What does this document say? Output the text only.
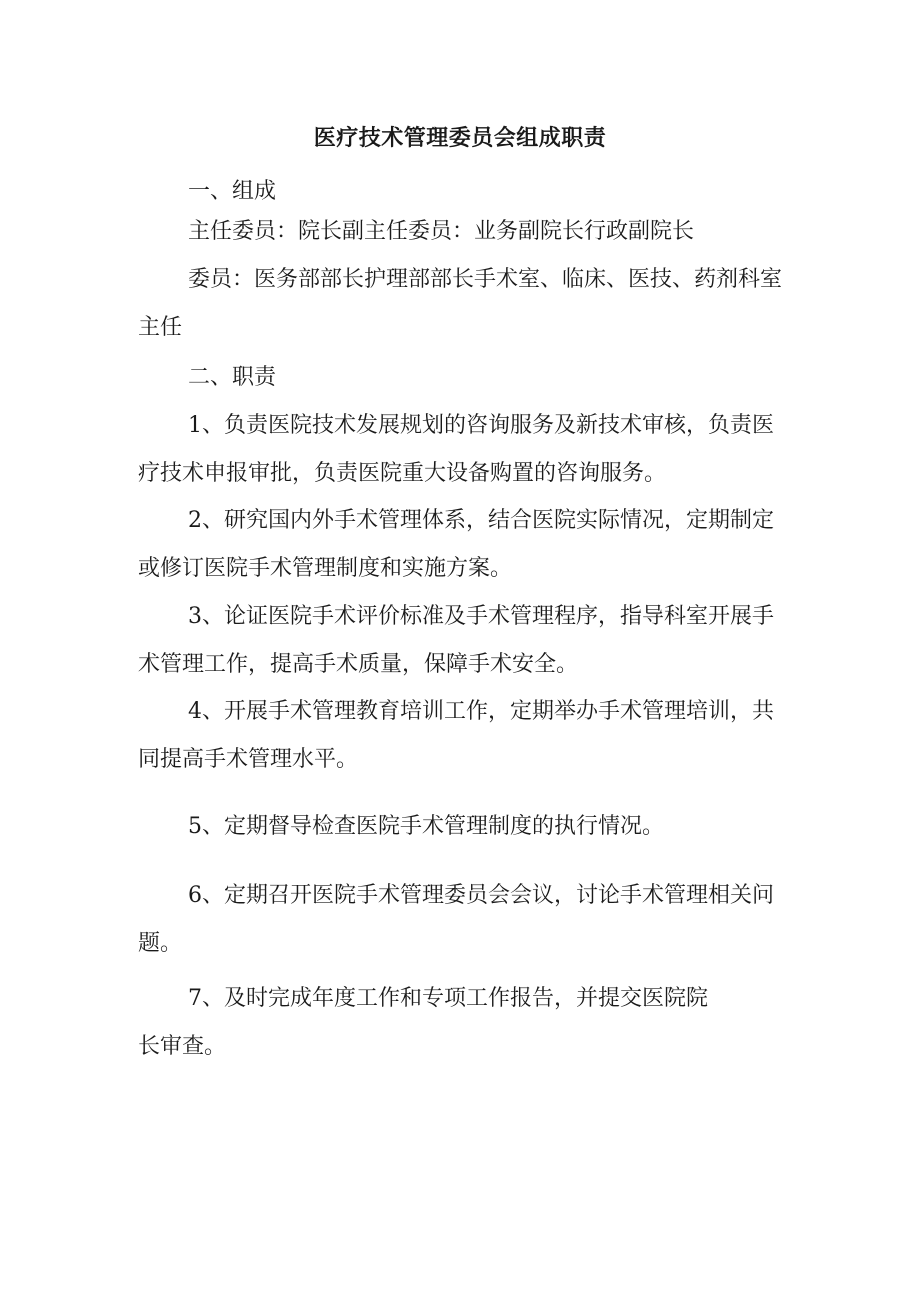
医疗技术管理委员会组成职责

一、组成

主任委员：院长副主任委员：业务副院长行政副院长

委员：医务部部长护理部部长手术室、临床、医技、药剂科室主任

二、职责

1、负责医院技术发展规划的咨询服务及新技术审核，负责医疗技术申报审批，负责医院重大设备购置的咨询服务。

2、研究国内外手术管理体系，结合医院实际情况，定期制定或修订医院手术管理制度和实施方案。

3、论证医院手术评价标准及手术管理程序，指导科室开展手术管理工作，提高手术质量，保障手术安全。

4、开展手术管理教育培训工作，定期举办手术管理培训，共同提高手术管理水平。

5、定期督导检查医院手术管理制度的执行情况。

6、定期召开医院手术管理委员会会议，讨论手术管理相关问题。

7、及时完成年度工作和专项工作报告，并提交医院院
长审查。
